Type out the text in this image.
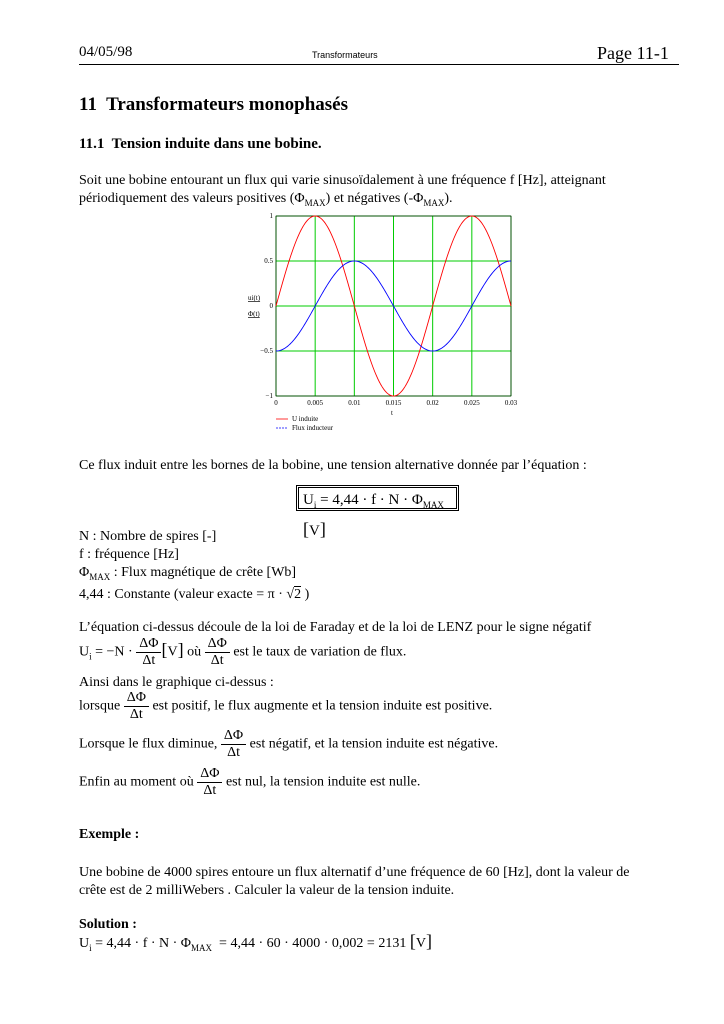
04/05/98	Transformateurs	Page 11-1
11  Transformateurs monophasés
11.1  Tension induite dans une bobine.
Soit une bobine entourant un flux qui varie sinusoïdalement à une fréquence f [Hz], atteignant
périodiquement des valeurs positives $(\Phi_{MAX})$ et négatives $(-\Phi_{MAX})$.
0	0.005	0.01	0.015	0.02	0.025	0.03
1
0.5
0
−0.5
−1
t
ui(t)
Φ(t)
U induite
Flux inducteur
Ce flux induit entre les bornes de la bobine, une tension alternative donnée par l’équation :
$U_i = 4,44 \cdot f \cdot N \cdot \Phi_{MAX}$ [V]
N : Nombre de spires [-]
f : fréquence [Hz]
$\Phi_{MAX}$ : Flux magnétique de crête [Wb]
4,44 : Constante (valeur exacte = π · √2 )
L’équation ci-dessus découle de la loi de Faraday et de la loi de LENZ pour le signe négatif
$U_i = -N \cdot \frac{\Delta\Phi}{\Delta t} [V]$ où $\frac{\Delta\Phi}{\Delta t}$ est le taux de variation de flux.
Ainsi dans le graphique ci-dessus :
lorsque $\frac{\Delta\Phi}{\Delta t}$ est positif, le flux augmente et la tension induite est positive.
Lorsque le flux diminue, $\frac{\Delta\Phi}{\Delta t}$ est négatif, et la tension induite est négative.
Enfin au moment où $\frac{\Delta\Phi}{\Delta t}$ est nul, la tension induite est nulle.
Exemple :
Une bobine de 4000 spires entoure un flux alternatif d’une fréquence de 60 [Hz], dont la valeur de
crête est de 2 milliWebers . Calculer la valeur de la tension induite.
Solution :
$U_i = 4,44 \cdot f \cdot N \cdot \Phi_{MAX} = 4,44 \cdot 60 \cdot 4000 \cdot 0,002 = 2131$ [V]
